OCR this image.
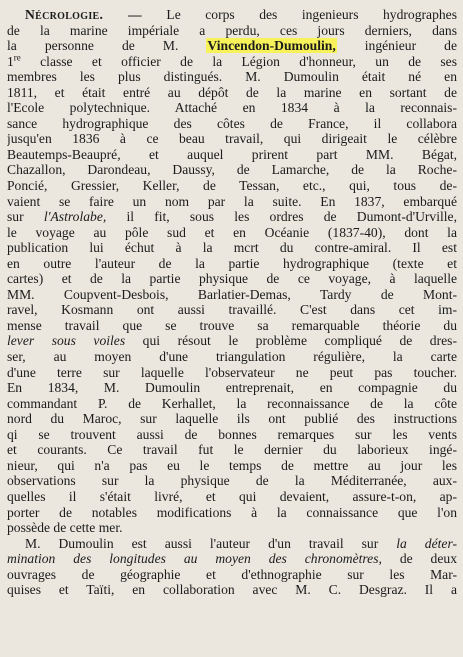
Nécrologie. — Le corps des ingenieurs hydrographes
de la marine impériale a perdu, ces jours derniers, dans
la personne de M. Vincendon-Dumoulin, ingénieur de
1re classe et officier de la Légion d'honneur, un de ses
membres les plus distingués. M. Dumoulin était né en
1811, et était entré au dépôt de la marine en sortant de
l'Ecole polytechnique. Attaché en 1834 à la reconnais-
sance hydrographique des côtes de France, il collabora
jusqu'en 1836 à ce beau travail, qui dirigeait le célèbre
Beautemps-Beaupré, et auquel prirent part MM. Bégat,
Chazallon, Darondeau, Daussy, de Lamarche, de la Roche-
Poncié, Gressier, Keller, de Tessan, etc., qui, tous de-
vaient se faire un nom par la suite. En 1837, embarqué
sur l'Astrolabe, il fit, sous les ordres de Dumont-d'Urville,
le voyage au pôle sud et en Océanie (1837-40), dont la
publication lui échut à la mcrt du contre-amiral. Il est
en outre l'auteur de la partie hydrographique (texte et
cartes) et de la partie physique de ce voyage, à laquelle
MM. Coupvent-Desbois, Barlatier-Demas, Tardy de Mont-
ravel, Kosmann ont aussi travaillé. C'est dans cet im-
mense travail que se trouve sa remarquable théorie du
lever sous voiles qui résout le problème compliqué de dres-
ser, au moyen d'une triangulation régulière, la carte
d'une terre sur laquelle l'observateur ne peut pas toucher.
En 1834, M. Dumoulin entreprenait, en compagnie du
commandant P. de Kerhallet, la reconnaissance de la côte
nord du Maroc, sur laquelle ils ont publié des instructions
qi se trouvent aussi de bonnes remarques sur les vents
et courants. Ce travail fut le dernier du laborieux ingé-
nieur, qui n'a pas eu le temps de mettre au jour les
observations sur la physique de la Méditerranée, aux-
quelles il s'était livré, et qui devaient, assure-t-on, ap-
porter de notables modifications à la connaissance que l'on
possède de cette mer.
M. Dumoulin est aussi l'auteur d'un travail sur la déter-
mination des longitudes au moyen des chronomètres, de deux
ouvrages de géographie et d'ethnographie sur les Mar-
quises et Taïti, en collaboration avec M. C. Desgraz. Il a
